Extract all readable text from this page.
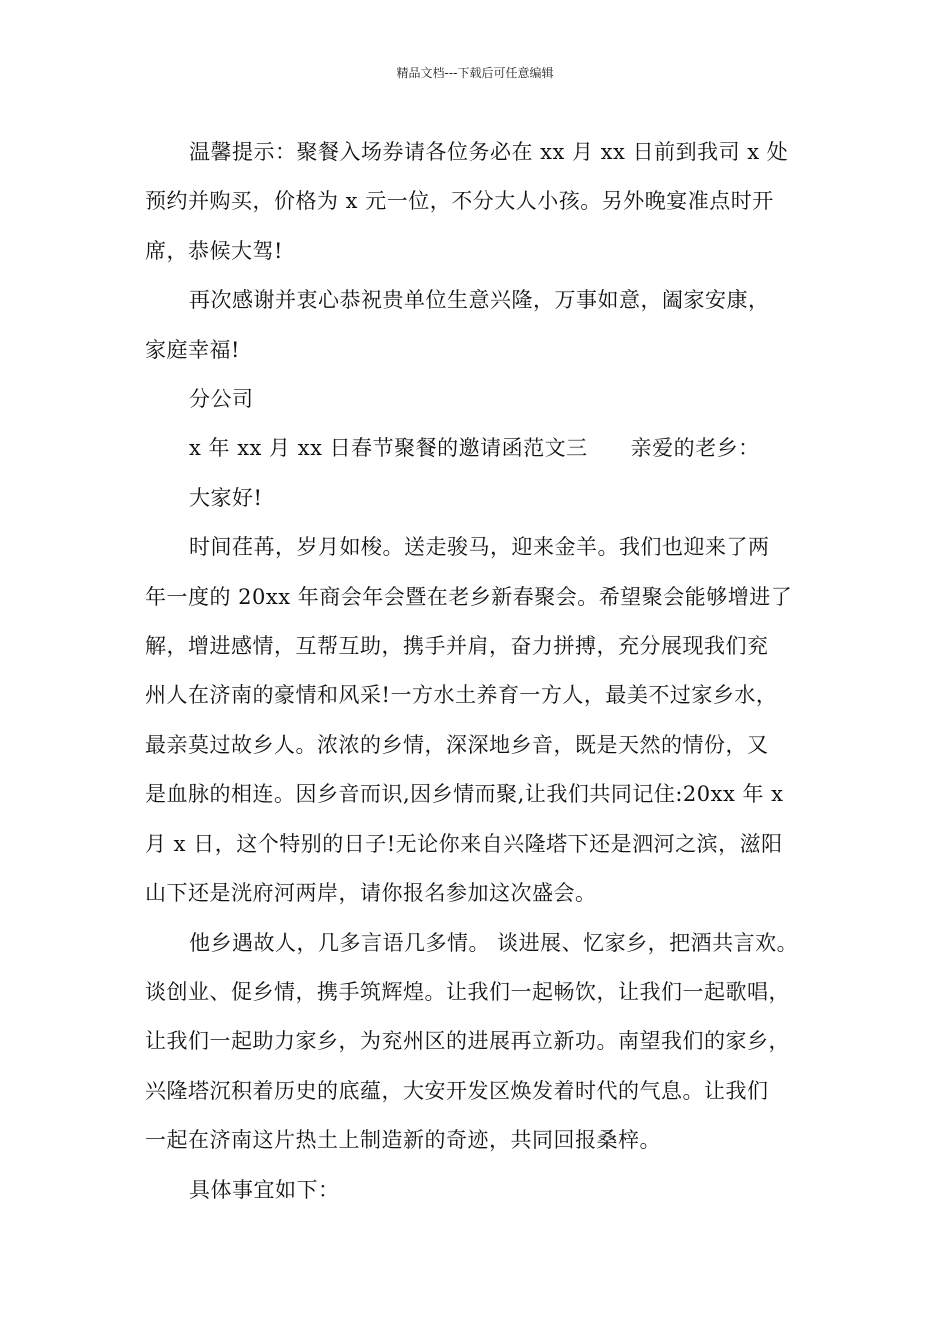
精品文档---下载后可任意编辑

温馨提示：聚餐入场券请各位务必在 xx 月 xx 日前到我司 x 处
预约并购买，价格为 x 元一位，不分大人小孩。另外晚宴准点时开
席，恭候大驾!

再次感谢并衷心恭祝贵单位生意兴隆，万事如意，阖家安康，
家庭幸福!

分公司

x 年 xx 月 xx 日春节聚餐的邀请函范文三　　亲爱的老乡：

大家好!

时间荏苒，岁月如梭。送走骏马，迎来金羊。我们也迎来了两
年一度的 20xx 年商会年会暨在老乡新春聚会。希望聚会能够增进了
解，增进感情，互帮互助，携手并肩，奋力拼搏，充分展现我们兖
州人在济南的豪情和风采!一方水土养育一方人，最美不过家乡水，
最亲莫过故乡人。浓浓的乡情，深深地乡音，既是天然的情份，又
是血脉的相连。因乡音而识,因乡情而聚,让我们共同记住:20xx 年 x
月 x 日，这个特别的日子!无论你来自兴隆塔下还是泗河之滨，滋阳
山下还是洸府河两岸，请你报名参加这次盛会。

他乡遇故人，几多言语几多情。 谈进展、忆家乡，把酒共言欢。
谈创业、促乡情，携手筑辉煌。让我们一起畅饮，让我们一起歌唱，
让我们一起助力家乡，为兖州区的进展再立新功。南望我们的家乡，
兴隆塔沉积着历史的底蕴，大安开发区焕发着时代的气息。让我们
一起在济南这片热土上制造新的奇迹，共同回报桑梓。

具体事宜如下：
